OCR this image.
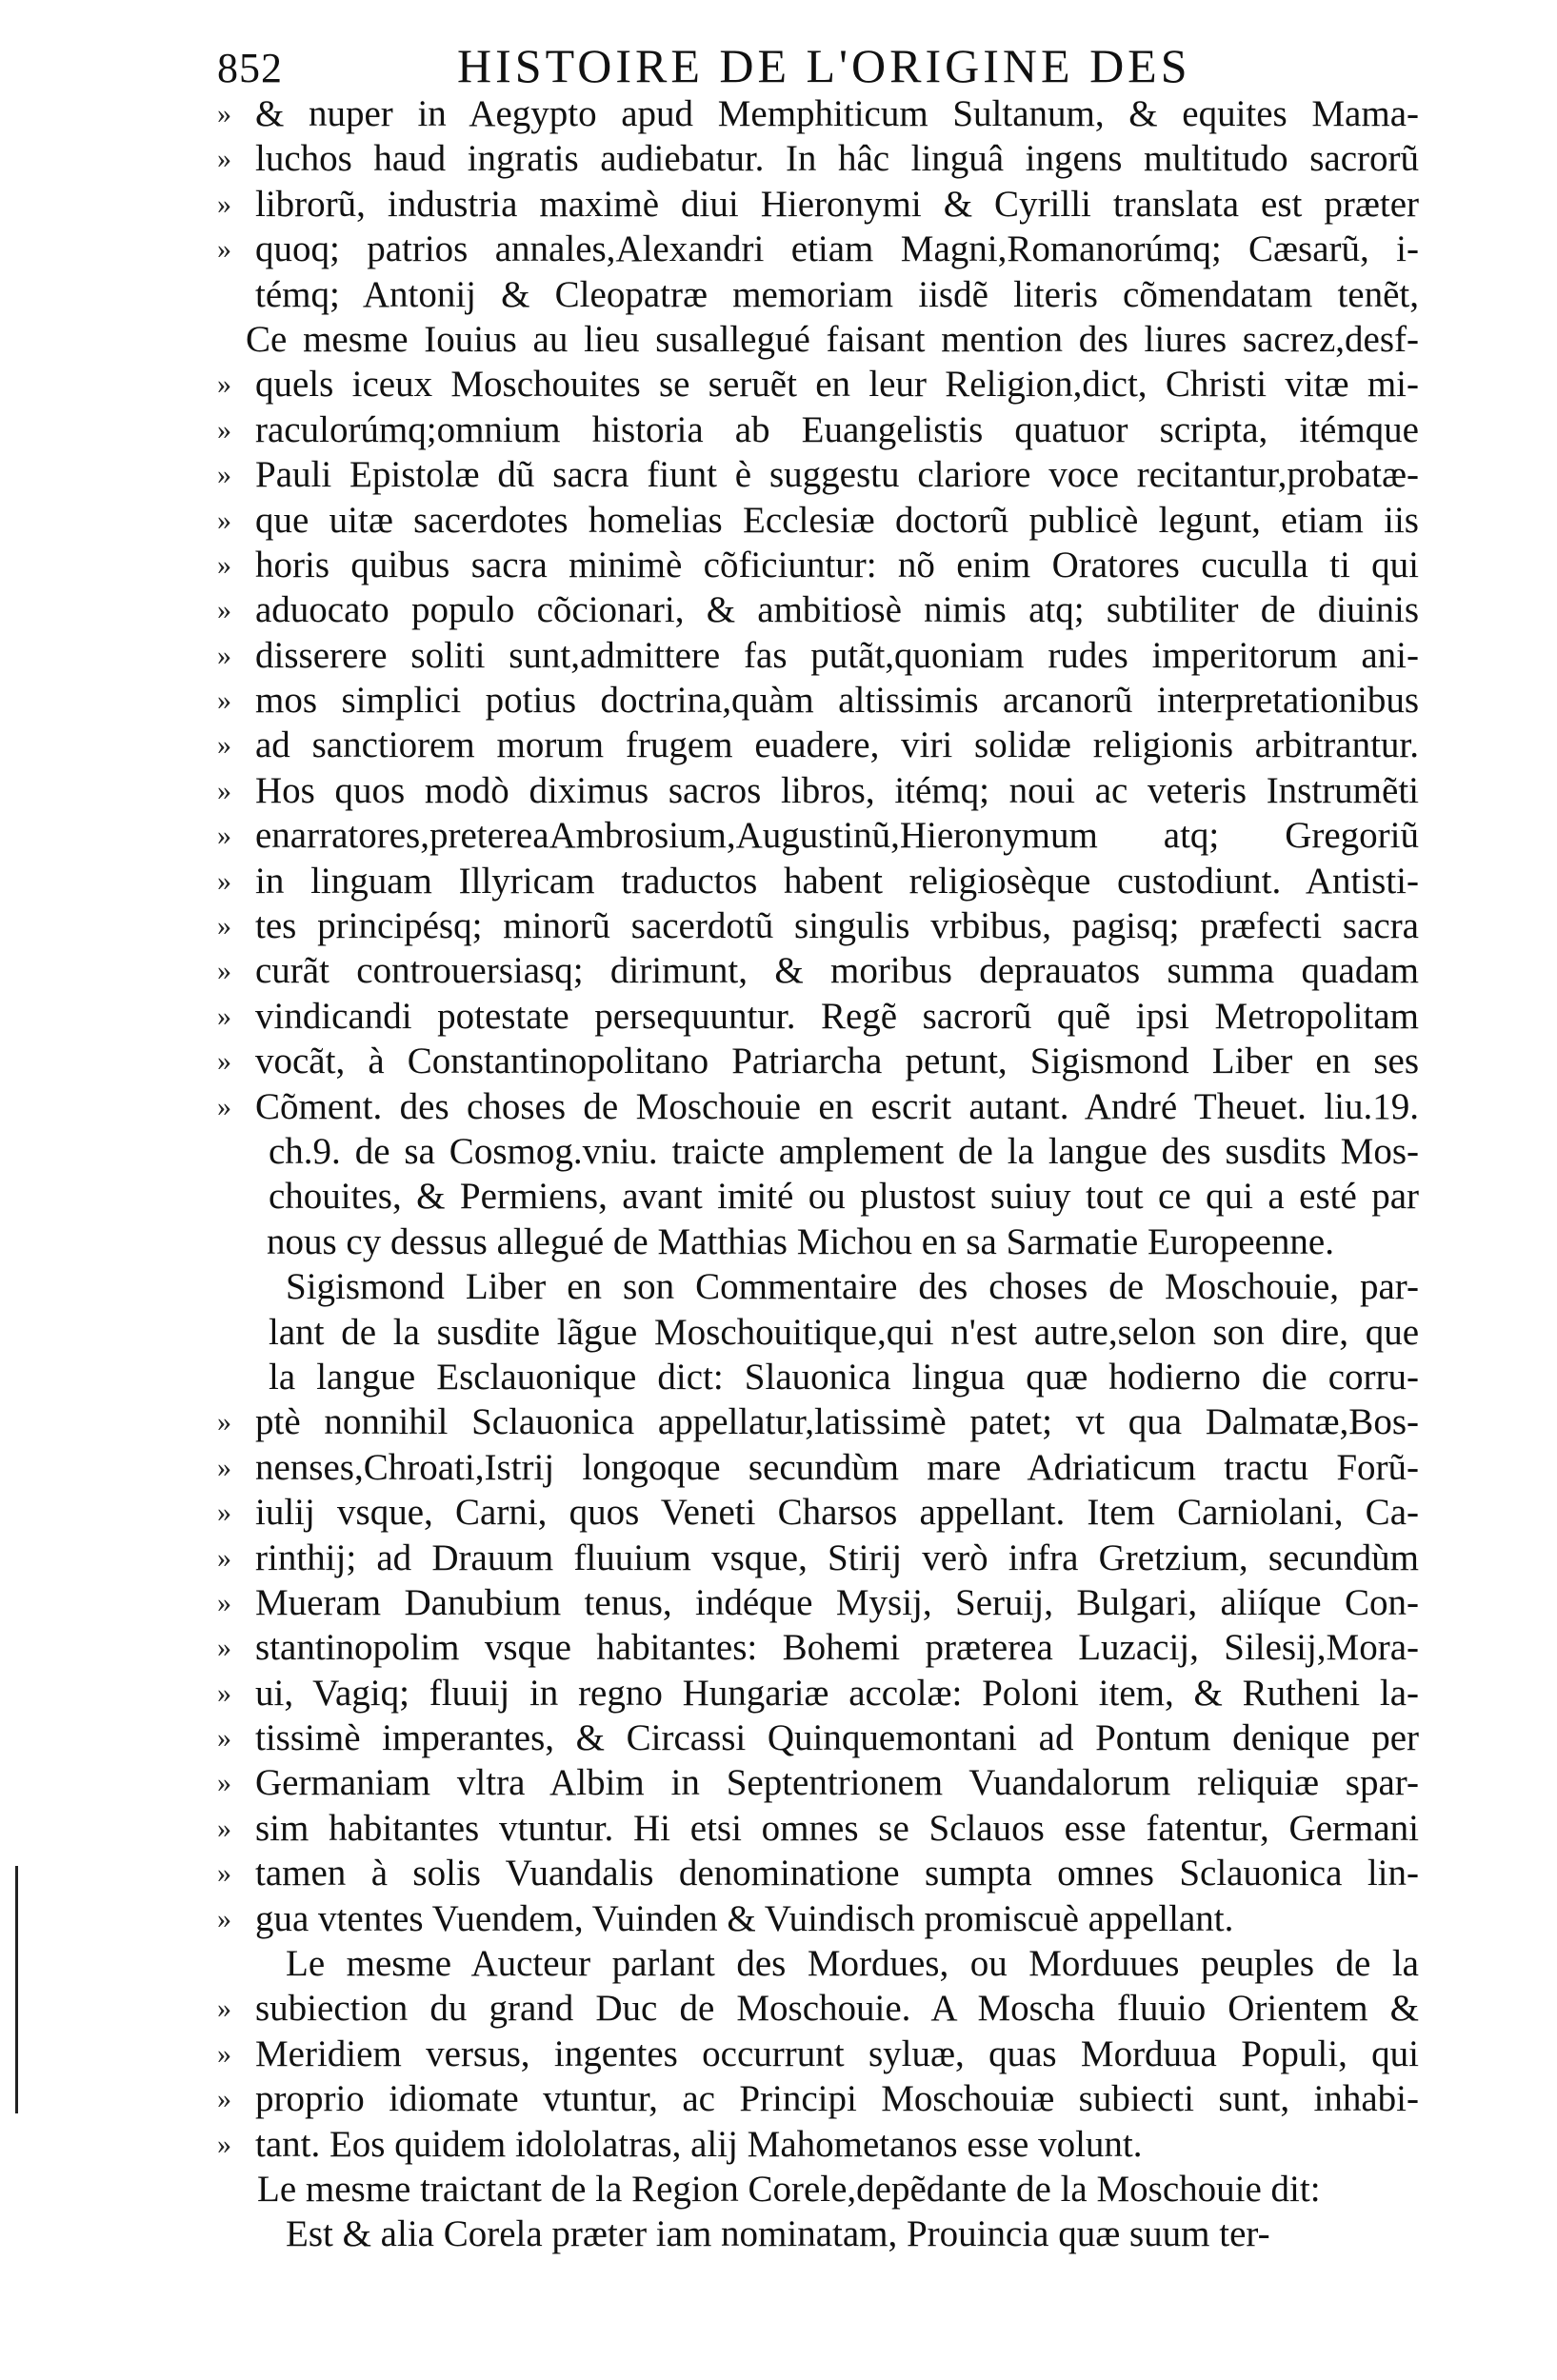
852	HISTOIRE DE L'ORIGINE DES
» & nuper in Aegypto apud Memphiticum Sultanum, & equites Mama-
» luchos haud ingratis audiebatur. In hâc linguâ ingens multitudo sacrorũ
» librorũ, industria maximè diui Hieronymi & Cyrilli translata est præter
» quoq; patrios annales,Alexandri etiam Magni,Romanorúmq; Cæsarũ, i-
témq; Antonij & Cleopatræ memoriam iisdẽ literis cõmendatam tenẽt,
Ce mesme Iouius au lieu susallegué faisant mention des liures sacrez,desf-
» quels iceux Moschouites se seruẽt en leur Religion,dict, Christi vitæ mi-
» raculorúmq;omnium historia ab Euangelistis quatuor scripta, itémque
» Pauli Epistolæ dũ sacra fiunt è suggestu clariore voce recitantur,probatæ-
» que uitæ sacerdotes homelias Ecclesiæ doctorũ publicè legunt, etiam iis
» horis quibus sacra minimè cõficiuntur: nõ enim Oratores cuculla ti qui
» aduocato populo cõcionari, & ambitiosè nimis atq; subtiliter de diuinis
» disserere soliti sunt,admittere fas putãt,quoniam rudes imperitorum ani-
» mos simplici potius doctrina,quàm altissimis arcanorũ interpretationibus
» ad sanctiorem morum frugem euadere, viri solidæ religionis arbitrantur.
» Hos quos modò diximus sacros libros, itémq; noui ac veteris Instrumẽti
» enarratores,pretereaAmbrosium,Augustinũ,Hieronymum atq; Gregoriũ
» in linguam Illyricam traductos habent religiosèque custodiunt. Antisti-
» tes principésq; minorũ sacerdotũ singulis vrbibus, pagisq; præfecti sacra
» curãt controuersiasq; dirimunt, & moribus deprauatos summa quadam
» vindicandi potestate persequuntur. Regẽ sacrorũ quẽ ipsi Metropolitam
» vocãt, à Constantinopolitano Patriarcha petunt, Sigismond Liber en ses
» Cõment. des choses de Moschouie en escrit autant. André Theuet. liu.19.
ch.9. de sa Cosmog.vniu. traicte amplement de la langue des susdits Mos-
chouites, & Permiens, avant imité ou plustost suiuy tout ce qui a esté par
nous cy dessus allegué de Matthias Michou en sa Sarmatie Europeenne.
Sigismond Liber en son Commentaire des choses de Moschouie, par-
lant de la susdite lãgue Moschouitique,qui n'est autre,selon son dire, que
la langue Esclauonique dict: Slauonica lingua quæ hodierno die corru-
» ptè nonnihil Sclauonica appellatur,latissimè patet; vt qua Dalmatæ,Bos-
» nenses,Chroati,Istrij longoque secundùm mare Adriaticum tractu Forũ-
» iulij vsque, Carni, quos Veneti Charsos appellant. Item Carniolani, Ca-
» rinthij; ad Drauum fluuium vsque, Stirij verò infra Gretzium, secundùm
» Mueram Danubium tenus, indéque Mysij, Seruij, Bulgari, aliíque Con-
» stantinopolim vsque habitantes: Bohemi præterea Luzacij, Silesij,Mora-
» ui, Vagiq; fluuij in regno Hungariæ accolæ: Poloni item, & Rutheni la-
» tissimè imperantes, & Circassi Quinquemontani ad Pontum denique per
» Germaniam vltra Albim in Septentrionem Vuandalorum reliquiæ spar-
» sim habitantes vtuntur. Hi etsi omnes se Sclauos esse fatentur, Germani
» tamen à solis Vuandalis denominatione sumpta omnes Sclauonica lin-
» gua vtentes Vuendem, Vuinden & Vuindisch promiscuè appellant.
Le mesme Aucteur parlant des Mordues, ou Morduues peuples de la
» subiection du grand Duc de Moschouie. A Moscha fluuio Orientem &
» Meridiem versus, ingentes occurrunt syluæ, quas Morduua Populi, qui
» proprio idiomate vtuntur, ac Principi Moschouiæ subiecti sunt, inhabi-
» tant. Eos quidem idololatras, alij Mahometanos esse volunt.
Le mesme traictant de la Region Corele,depẽdante de la Moschouie dit:
Est & alia Corela præter iam nominatam, Prouincia quæ suum ter-
